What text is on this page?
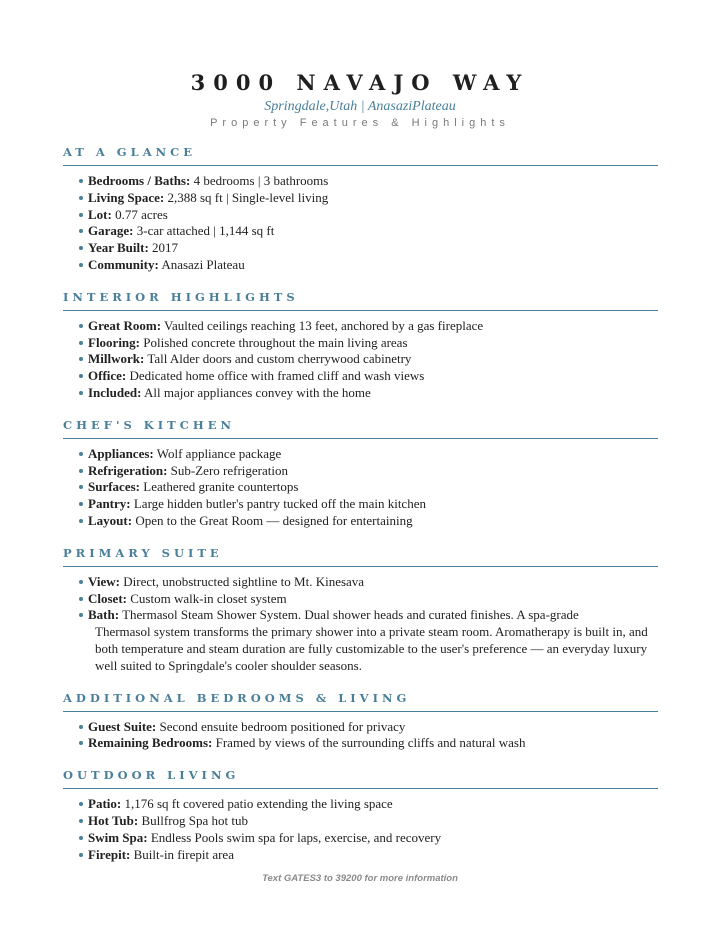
3000 NAVAJO WAY
Springdale,Utah | AnasaziPlateau
Property Features & Highlights
AT A GLANCE
Bedrooms / Baths: 4 bedrooms | 3 bathrooms
Living Space: 2,388 sq ft | Single-level living
Lot: 0.77 acres
Garage: 3-car attached | 1,144 sq ft
Year Built: 2017
Community: Anasazi Plateau
INTERIOR HIGHLIGHTS
Great Room: Vaulted ceilings reaching 13 feet, anchored by a gas fireplace
Flooring: Polished concrete throughout the main living areas
Millwork: Tall Alder doors and custom cherrywood cabinetry
Office: Dedicated home office with framed cliff and wash views
Included: All major appliances convey with the home
CHEF'S KITCHEN
Appliances: Wolf appliance package
Refrigeration: Sub-Zero refrigeration
Surfaces: Leathered granite countertops
Pantry: Large hidden butler's pantry tucked off the main kitchen
Layout: Open to the Great Room — designed for entertaining
PRIMARY SUITE
View: Direct, unobstructed sightline to Mt. Kinesava
Closet: Custom walk-in closet system
Bath: Thermasol Steam Shower System. Dual shower heads and curated finishes. A spa-grade
Thermasol system transforms the primary shower into a private steam room. Aromatherapy is built in, and both temperature and steam duration are fully customizable to the user's preference — an everyday luxury well suited to Springdale's cooler shoulder seasons.
ADDITIONAL BEDROOMS & LIVING
Guest Suite: Second ensuite bedroom positioned for privacy
Remaining Bedrooms: Framed by views of the surrounding cliffs and natural wash
OUTDOOR LIVING
Patio: 1,176 sq ft covered patio extending the living space
Hot Tub: Bullfrog Spa hot tub
Swim Spa: Endless Pools swim spa for laps, exercise, and recovery
Firepit: Built-in firepit area
Text GATES3 to 39200 for more information
